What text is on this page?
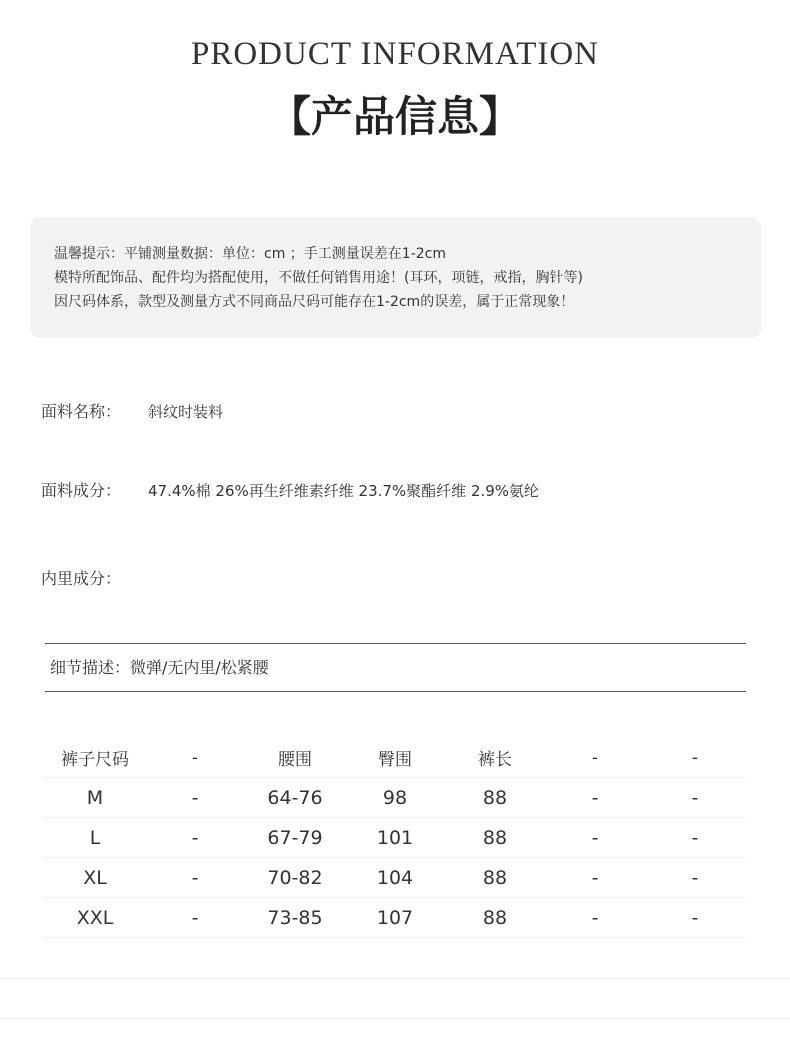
PRODUCT INFORMATION
【产品信息】
温馨提示：平铺测量数据：单位：cm ；手工测量误差在1-2cm
模特所配饰品、配件均为搭配使用，不做任何销售用途！(耳环，项链，戒指，胸针等)
因尺码体系，款型及测量方式不同商品尺码可能存在1-2cm的误差，属于正常现象！
面料名称： 斜纹时装料
面料成分： 47.4%棉 26%再生纤维素纤维 23.7%聚酯纤维 2.9%氨纶
内里成分：
细节描述：微弹/无内里/松紧腰
裤子尺码	-	腰围	臀围	裤长	-	-
M	-	64-76	98	88	-	-
L	-	67-79	101	88	-	-
XL	-	70-82	104	88	-	-
XXL	-	73-85	107	88	-	-
